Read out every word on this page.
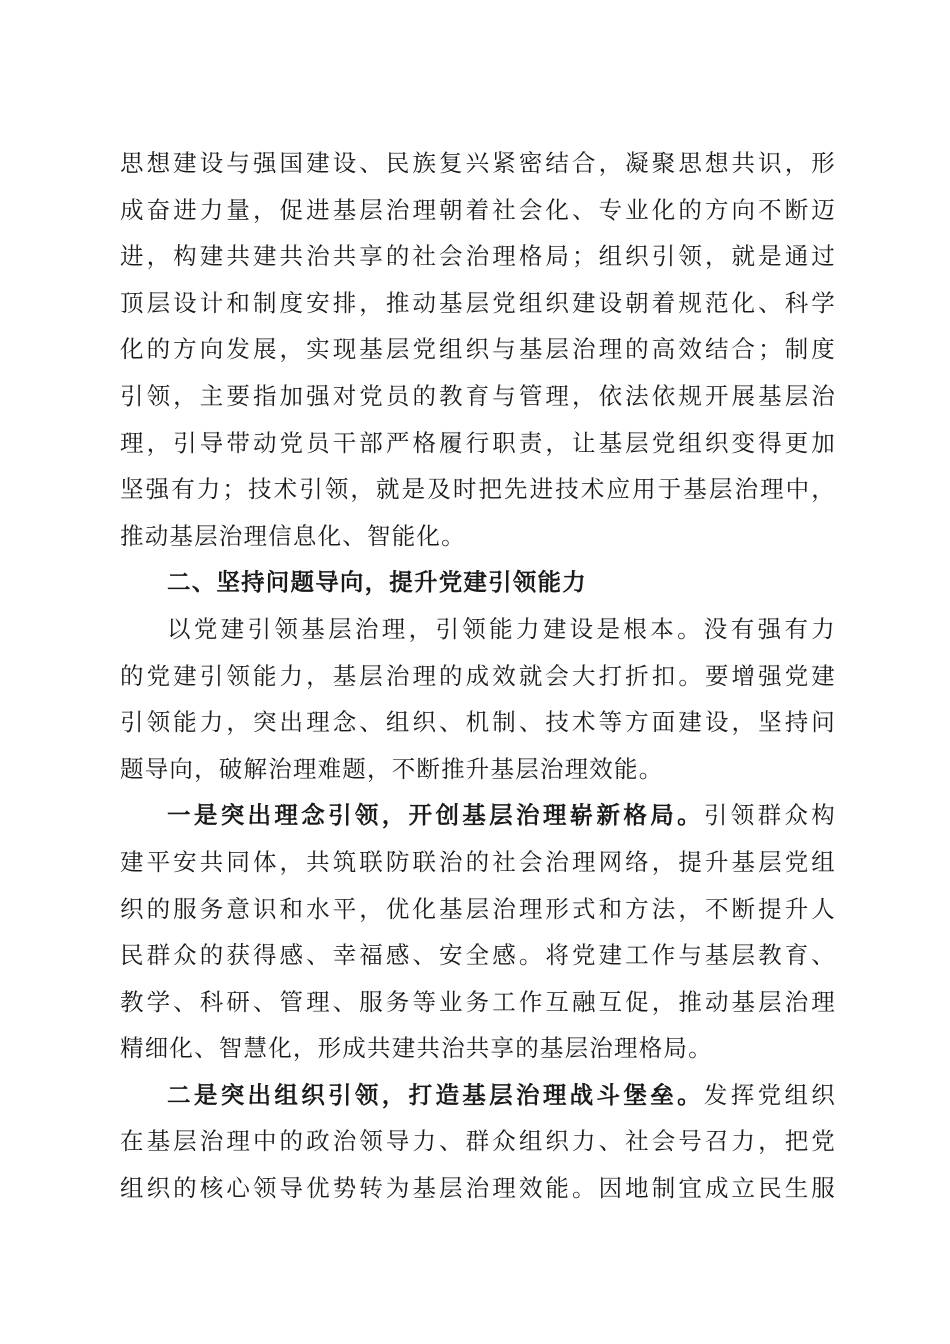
思想建设与强国建设、民族复兴紧密结合，凝聚思想共识，形
成奋进力量，促进基层治理朝着社会化、专业化的方向不断迈
进，构建共建共治共享的社会治理格局；组织引领，就是通过
顶层设计和制度安排，推动基层党组织建设朝着规范化、科学
化的方向发展，实现基层党组织与基层治理的高效结合；制度
引领，主要指加强对党员的教育与管理，依法依规开展基层治
理，引导带动党员干部严格履行职责，让基层党组织变得更加
坚强有力；技术引领，就是及时把先进技术应用于基层治理中，
推动基层治理信息化、智能化。
二、坚持问题导向，提升党建引领能力
以党建引领基层治理，引领能力建设是根本。没有强有力
的党建引领能力，基层治理的成效就会大打折扣。要增强党建
引领能力，突出理念、组织、机制、技术等方面建设，坚持问
题导向，破解治理难题，不断推升基层治理效能。
一是突出理念引领，开创基层治理崭新格局。引领群众构
建平安共同体，共筑联防联治的社会治理网络，提升基层党组
织的服务意识和水平，优化基层治理形式和方法，不断提升人
民群众的获得感、幸福感、安全感。将党建工作与基层教育、
教学、科研、管理、服务等业务工作互融互促，推动基层治理
精细化、智慧化，形成共建共治共享的基层治理格局。
二是突出组织引领，打造基层治理战斗堡垒。发挥党组织
在基层治理中的政治领导力、群众组织力、社会号召力，把党
组织的核心领导优势转为基层治理效能。因地制宜成立民生服
